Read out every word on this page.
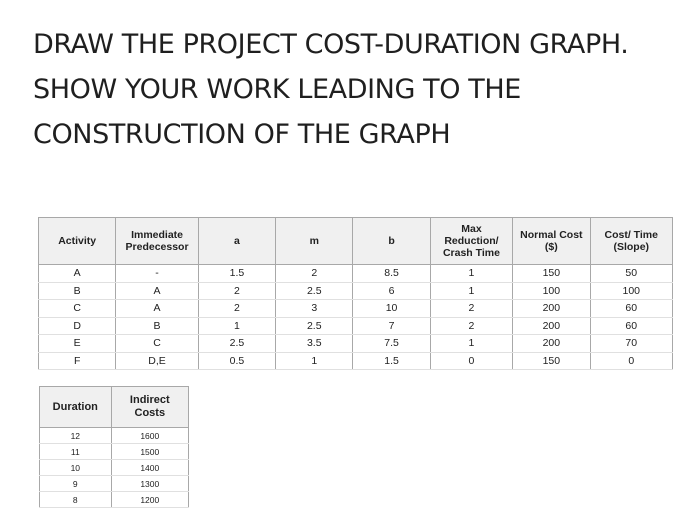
DRAW THE PROJECT COST-DURATION GRAPH. SHOW YOUR WORK LEADING TO THE CONSTRUCTION OF THE GRAPH
Activity	Immediate Predecessor	a	m	b	Max Reduction/ Crash Time	Normal Cost ($)	Cost/ Time (Slope)
A	-	1.5	2	8.5	1	150	50
B	A	2	2.5	6	1	100	100
C	A	2	3	10	2	200	60
D	B	1	2.5	7	2	200	60
E	C	2.5	3.5	7.5	1	200	70
F	D,E	0.5	1	1.5	0	150	0
Duration	Indirect Costs
12	1600
11	1500
10	1400
9	1300
8	1200
